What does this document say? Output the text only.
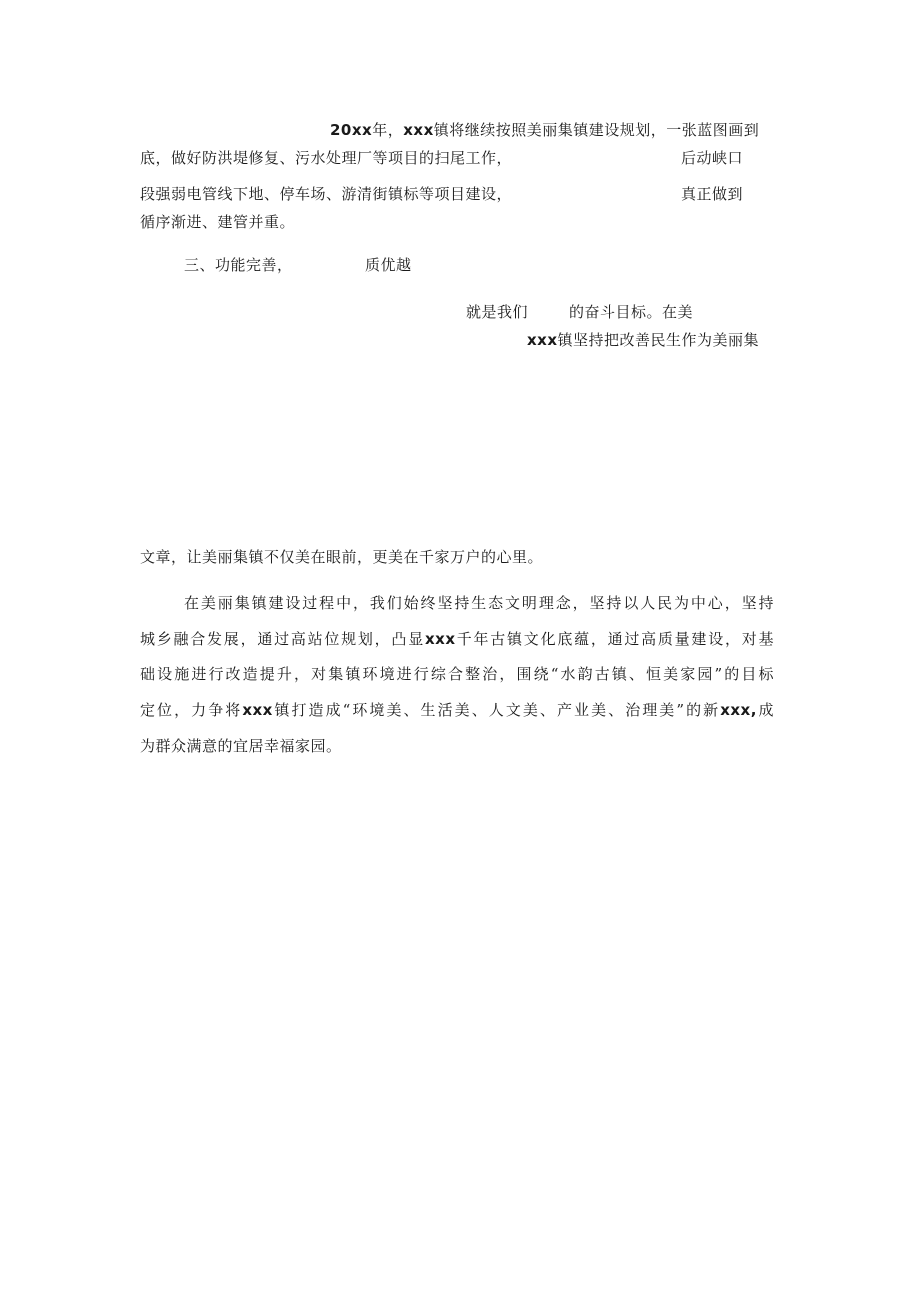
20xx年，xxx镇将继续按照美丽集镇建设规划，一张蓝图画到
底，做好防洪堤修复、污水处理厂等项目的扫尾工作，	后动峡口
段强弱电管线下地、停车场、游清街镇标等项目建设，	真正做到
循序渐进、建管并重。
三、功能完善，	质优越
就是我们	的奋斗目标。在美
xxx镇坚持把改善民生作为美丽集
文章，让美丽集镇不仅美在眼前，更美在千家万户的心里。
在美丽集镇建设过程中，我们始终坚持生态文明理念，坚持以人民为中心，坚持
城乡融合发展，通过高站位规划，凸显xxx千年古镇文化底蕴，通过高质量建设，对基
础设施进行改造提升，对集镇环境进行综合整治，围绕“水韵古镇、恒美家园”的目标
定位，力争将xxx镇打造成“环境美、生活美、人文美、产业美、治理美”的新xxx,成
为群众满意的宜居幸福家园。
